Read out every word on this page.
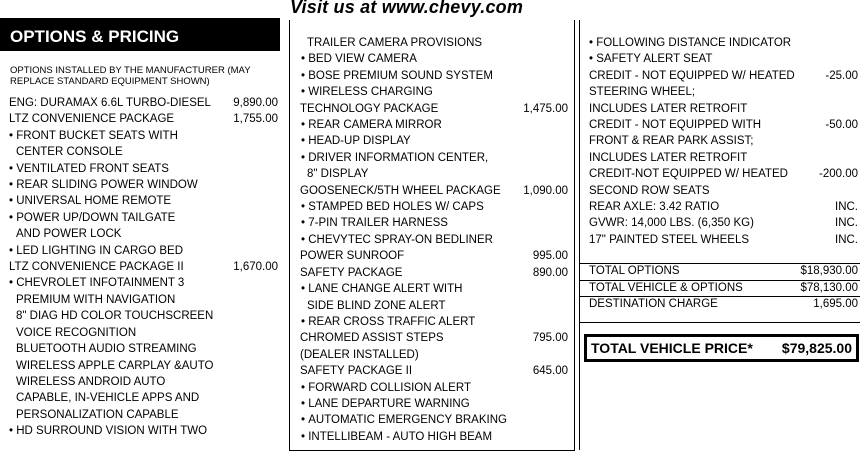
Visit us at www.chevy.com
OPTIONS & PRICING
OPTIONS INSTALLED BY THE MANUFACTURER (MAY REPLACE STANDARD EQUIPMENT SHOWN)
ENG: DURAMAX 6.6L TURBO-DIESEL	9,890.00
LTZ CONVENIENCE PACKAGE	1,755.00
• FRONT BUCKET SEATS WITH
CENTER CONSOLE
• VENTILATED FRONT SEATS
• REAR SLIDING POWER WINDOW
• UNIVERSAL HOME REMOTE
• POWER UP/DOWN TAILGATE
AND POWER LOCK
• LED LIGHTING IN CARGO BED
LTZ CONVENIENCE PACKAGE II	1,670.00
• CHEVROLET INFOTAINMENT 3
PREMIUM WITH NAVIGATION
8" DIAG HD COLOR TOUCHSCREEN
VOICE RECOGNITION
BLUETOOTH AUDIO STREAMING
WIRELESS APPLE CARPLAY &AUTO
WIRELESS ANDROID AUTO
CAPABLE, IN-VEHICLE APPS AND
PERSONALIZATION CAPABLE
• HD SURROUND VISION WITH TWO
TRAILER CAMERA PROVISIONS
• BED VIEW CAMERA
• BOSE PREMIUM SOUND SYSTEM
• WIRELESS CHARGING
TECHNOLOGY PACKAGE	1,475.00
• REAR CAMERA MIRROR
• HEAD-UP DISPLAY
• DRIVER INFORMATION CENTER,
8" DISPLAY
GOOSENECK/5TH WHEEL PACKAGE	1,090.00
• STAMPED BED HOLES W/ CAPS
• 7-PIN TRAILER HARNESS
• CHEVYTEC SPRAY-ON BEDLINER
POWER SUNROOF	995.00
SAFETY PACKAGE	890.00
• LANE CHANGE ALERT WITH
SIDE BLIND ZONE ALERT
• REAR CROSS TRAFFIC ALERT
CHROMED ASSIST STEPS	795.00
(DEALER INSTALLED)
SAFETY PACKAGE II	645.00
• FORWARD COLLISION ALERT
• LANE DEPARTURE WARNING
• AUTOMATIC EMERGENCY BRAKING
• INTELLIBEAM - AUTO HIGH BEAM
• FOLLOWING DISTANCE INDICATOR
• SAFETY ALERT SEAT
CREDIT - NOT EQUIPPED W/ HEATED	-25.00
STEERING WHEEL;
INCLUDES LATER RETROFIT
CREDIT - NOT EQUIPPED WITH	-50.00
FRONT & REAR PARK ASSIST;
INCLUDES LATER RETROFIT
CREDIT-NOT EQUIPPED W/ HEATED	-200.00
SECOND ROW SEATS
REAR AXLE: 3.42 RATIO	INC.
GVWR: 14,000 LBS. (6,350 KG)	INC.
17" PAINTED STEEL WHEELS	INC.
TOTAL OPTIONS	$18,930.00
TOTAL VEHICLE & OPTIONS	$78,130.00
DESTINATION CHARGE	1,695.00
TOTAL VEHICLE PRICE* $79,825.00
